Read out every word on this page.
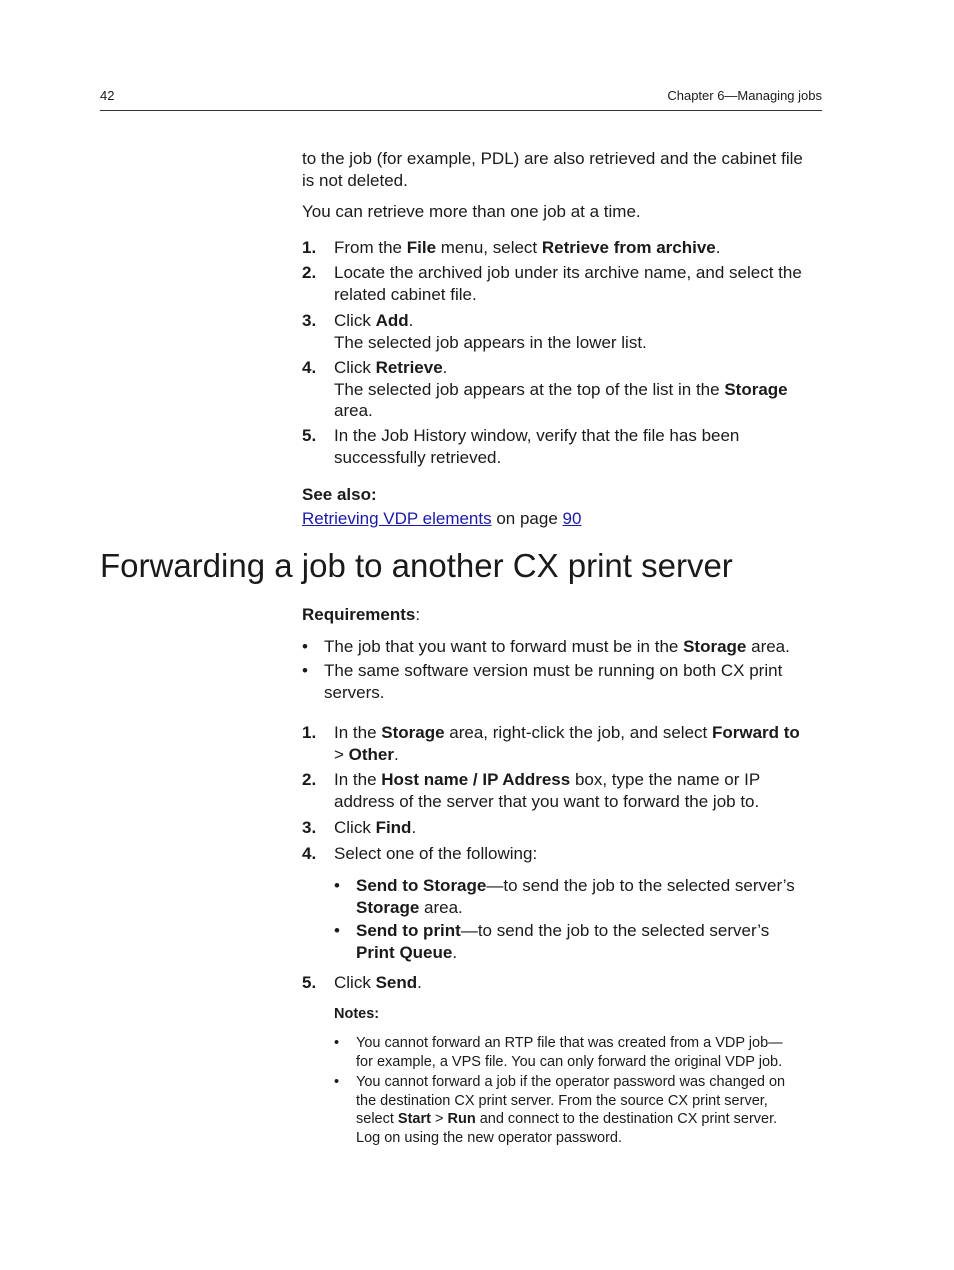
42	Chapter 6—Managing jobs
to the job (for example, PDL) are also retrieved and the cabinet file
is not deleted.
You can retrieve more than one job at a time.
1. From the File menu, select Retrieve from archive.
2. Locate the archived job under its archive name, and select the
related cabinet file.
3. Click Add.
The selected job appears in the lower list.
4. Click Retrieve.
The selected job appears at the top of the list in the Storage
area.
5. In the Job History window, verify that the file has been
successfully retrieved.
See also:
Retrieving VDP elements on page 90
Forwarding a job to another CX print server
Requirements:
• The job that you want to forward must be in the Storage area.
• The same software version must be running on both CX print
servers.
1. In the Storage area, right-click the job, and select Forward to
> Other.
2. In the Host name / IP Address box, type the name or IP
address of the server that you want to forward the job to.
3. Click Find.
4. Select one of the following:
• Send to Storage—to send the job to the selected server’s
Storage area.
• Send to print—to send the job to the selected server’s
Print Queue.
5. Click Send.
Notes:
• You cannot forward an RTP file that was created from a VDP job—
for example, a VPS file. You can only forward the original VDP job.
• You cannot forward a job if the operator password was changed on
the destination CX print server. From the source CX print server,
select Start > Run and connect to the destination CX print server.
Log on using the new operator password.
